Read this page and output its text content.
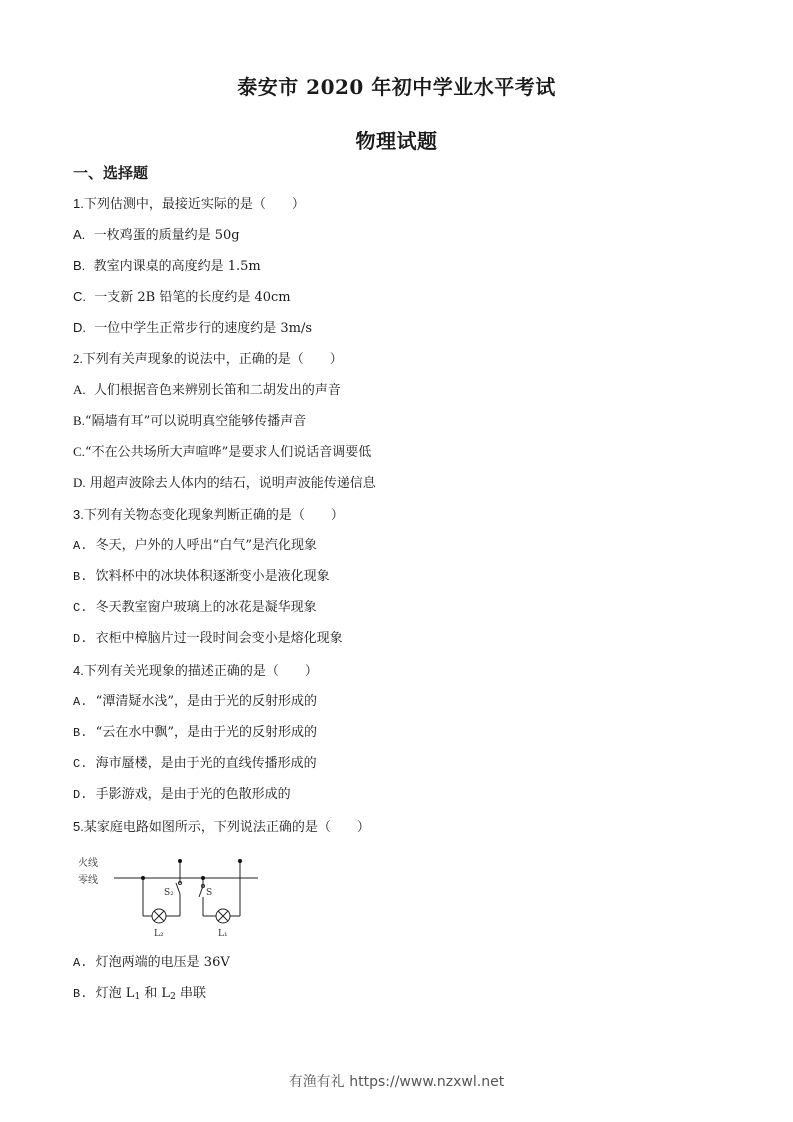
泰安市 2020 年初中学业水平考试
物理试题
一、选择题
1.下列估测中，最接近实际的是（　　）
A. 一枚鸡蛋的质量约是 50g
B. 教室内课桌的高度约是 1.5m
C. 一支新 2B 铅笔的长度约是 40cm
D. 一位中学生正常步行的速度约是 3m/s
2.下列有关声现象的说法中，正确的是（　　）
A. 人们根据音色来辨别长笛和二胡发出的声音
B.“隔墙有耳”可以说明真空能够传播声音
C.“不在公共场所大声喧哗”是要求人们说话音调要低
D. 用超声波除去人体内的结石，说明声波能传递信息
3.下列有关物态变化现象判断正确的是（　　）
A. 冬天，户外的人呼出“白气”是汽化现象
B. 饮料杯中的冰块体积逐渐变小是液化现象
C. 冬天教室窗户玻璃上的冰花是凝华现象
D. 衣柜中樟脑片过一段时间会变小是熔化现象
4.下列有关光现象的描述正确的是（　　）
A. “潭清疑水浅”，是由于光的反射形成的
B. “云在水中飘”，是由于光的反射形成的
C. 海市蜃楼，是由于光的直线传播形成的
D. 手影游戏，是由于光的色散形成的
5.某家庭电路如图所示，下列说法正确的是（　　）
火线
零线
S₂	S
L₂	L₁
A. 灯泡两端的电压是 36V
B. 灯泡 $L_1$ 和 $L_2$ 串联
有渔有礼 https://www.nzxwl.net
